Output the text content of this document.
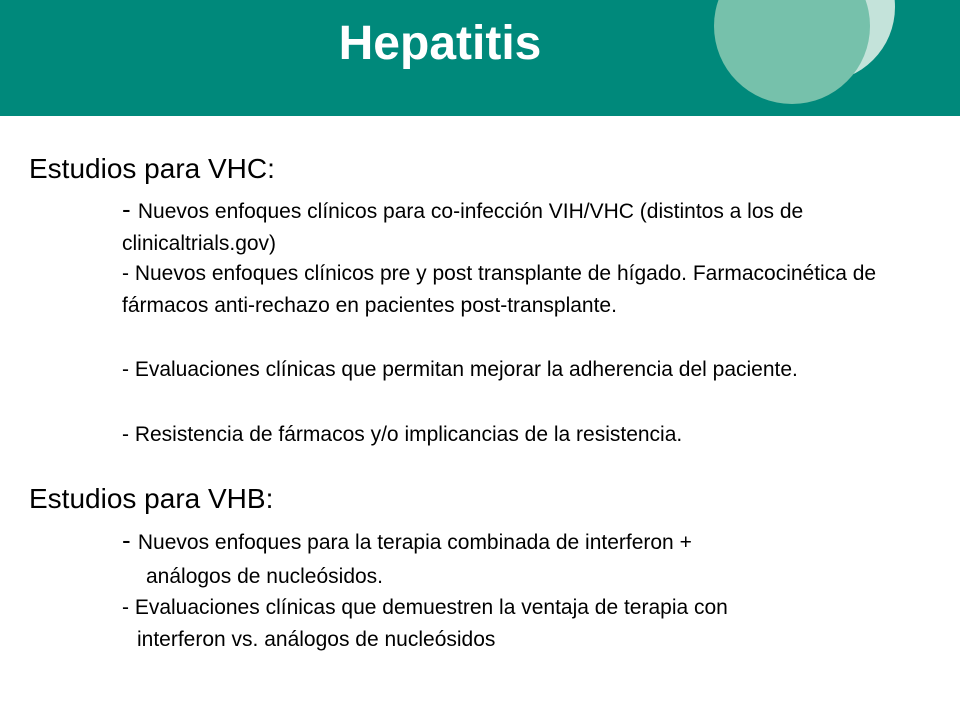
Hepatitis
Estudios para VHC:

- Nuevos enfoques clínicos para co-infección VIH/VHC (distintos a los de clinicaltrials.gov)

- Nuevos enfoques clínicos pre y post transplante de hígado. Farmacocinética de fármacos anti-rechazo en pacientes post-transplante.

- Evaluaciones clínicas que permitan mejorar la adherencia del paciente.

- Resistencia de fármacos y/o implicancias de la resistencia.

Estudios para VHB:

- Nuevos enfoques para la terapia combinada de interferon +

análogos de nucleósidos.

- Evaluaciones clínicas que demuestren la ventaja de terapia con

interferon vs. análogos de nucleósidos
